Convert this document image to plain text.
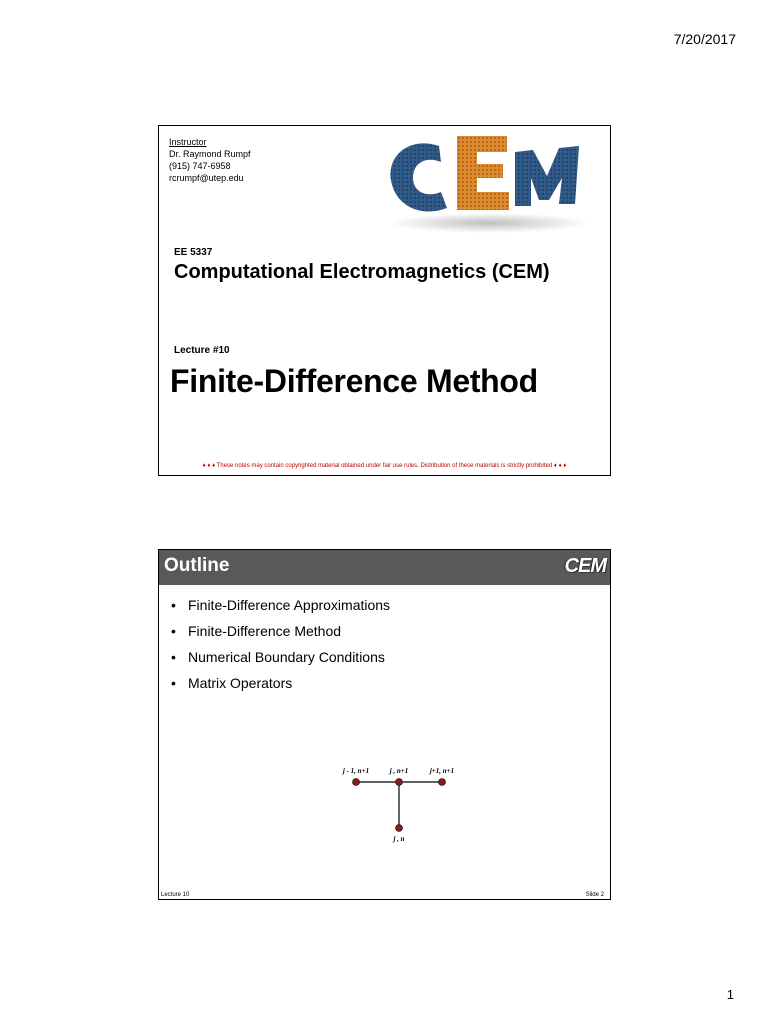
7/20/2017
Instructor
Dr. Raymond Rumpf
(915) 747-6958
rcrumpf@utep.edu
EE 5337
Computational Electromagnetics (CEM)
Lecture #10
Finite-Difference Method
♦ ♦ ♦ These notes may contain copyrighted material obtained under fair use rules. Distribution of these materials is strictly prohibited ♦ ♦ ♦
Outline	CEM
• Finite-Difference Approximations
• Finite-Difference Method
• Numerical Boundary Conditions
• Matrix Operators
j - 1, n+1	j , n+1	j+1, n+1
j , n
Lecture 10	Slide 2
1
